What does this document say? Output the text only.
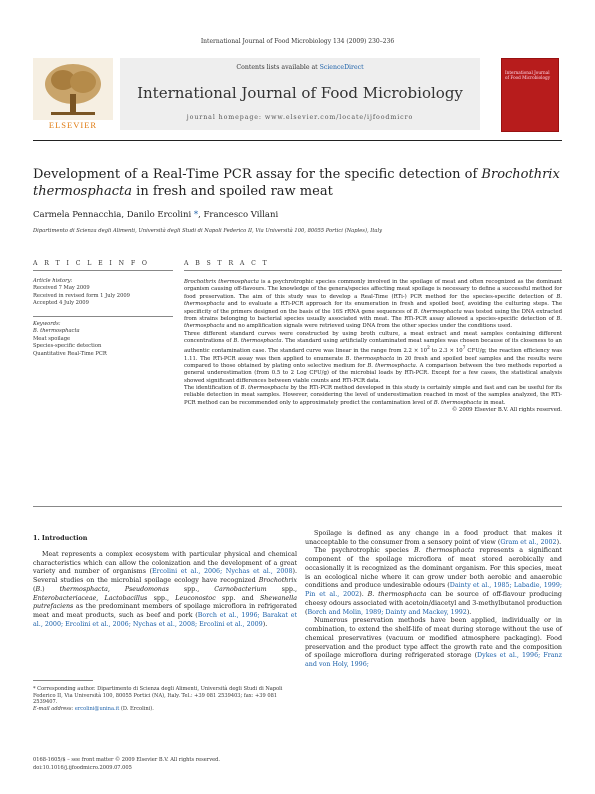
International Journal of Food Microbiology 134 (2009) 230–236
ELSEVIER
Contents lists available at ScienceDirect
International Journal of Food Microbiology
journal homepage: www.elsevier.com/locate/ijfoodmicro
International Journal of Food Microbiology
Development of a Real-Time PCR assay for the specific detection of Brochothrix thermosphacta in fresh and spoiled raw meat
Carmela Pennacchia, Danilo Ercolini *, Francesco Villani
Dipartimento di Scienza degli Alimenti, Università degli Studi di Napoli Federico II, Via Università 100, 80055 Portici (Naples), Italy
A R T I C L E I N F O
Article history:
Received 7 May 2009
Received in revised form 1 July 2009
Accepted 4 July 2009
Keywords:
B. thermosphacta
Meat spoilage
Species-specific detection
Quantitative Real-Time PCR
A B S T R A C T

Brochothrix thermosphacta is a psychrotrophic species commonly involved in the spoilage of meat and often recognized as the dominant organism causing off-flavours. The knowledge of the genera/species affecting meat spoilage is necessary to define a successful method for food preservation. The aim of this study was to develop a Real-Time (RTi-) PCR method for the species-specific detection of B. thermosphacta and to evaluate a RTi-PCR approach for its enumeration in fresh and spoiled beef, avoiding the culturing steps. The specificity of the primers designed on the basis of the 16S rRNA gene sequences of B. thermosphacta was tested using the DNA extracted from strains belonging to bacterial species usually associated with meat. The RTi-PCR assay allowed a species-specific detection of B. thermosphacta and no amplification signals were retrieved using DNA from the other species under the conditions used.

Three different standard curves were constructed by using broth culture, a meat extract and meat samples containing different concentrations of B. thermosphacta. The standard using artificially contaminated meat samples was chosen because of its closeness to an authentic contamination case. The standard curve was linear in the range from $2.2 \times 10^2$ to $2.3 \times 10^7$ CFU/g; the reaction efficiency was 1.11. The RTi-PCR assay was then applied to enumerate B. thermosphacta in 20 fresh and spoiled beef samples and the results were compared to those obtained by plating onto selective medium for B. thermosphacta. A comparison between the two methods reported a general underestimation (from 0.5 to 2 Log CFU/g) of the microbial loads by RTi-PCR. Except for a few cases, the statistical analysis showed significant differences between viable counts and RTi-PCR data.

The identification of B. thermosphacta by the RTi-PCR method developed in this study is certainly simple and fast and can be useful for its reliable detection in meat samples. However, considering the level of underestimation reached in most of the samples analyzed, the RTi-PCR method can be recommended only to approximately predict the contamination level of B. thermosphacta in meat.

© 2009 Elsevier B.V. All rights reserved.

1. Introduction

Meat represents a complex ecosystem with particular physical and chemical characteristics which can allow the colonization and the development of a great variety and number of organisms (Ercolini et al., 2006; Nychas et al., 2008). Several studies on the microbial spoilage ecology have recognized Brochothrix (B.) thermosphacta, Pseudomonas spp., Carnobacterium spp., Enterobacteriaceae, Lactobacillus spp., Leuconostoc spp. and Shewanella putrefaciens as the predominant members of spoilage microflora in refrigerated meat and meat products, such as beef and pork (Borch et al., 1996; Barakat et al., 2000; Ercolini et al., 2006; Nychas et al., 2008; Ercolini et al., 2009).

* Corresponding author. Dipartimento di Scienza degli Alimenti, Università degli Studi di Napoli Federico II, Via Università 100, 80055 Portici (NA), Italy. Tel.: +39 081 2539403; fax: +39 081 2539407.
E-mail address: ercolini@unina.it (D. Ercolini).
0168-1605/$ – see front matter © 2009 Elsevier B.V. All rights reserved.
doi:10.1016/j.ijfoodmicro.2009.07.005

Spoilage is defined as any change in a food product that makes it unacceptable to the consumer from a sensory point of view (Gram et al., 2002).

The psychrotrophic species B. thermosphacta represents a significant component of the spoilage microflora of meat stored aerobically and occasionally it is recognized as the dominant organism. For this species, meat is an ecological niche where it can grow under both aerobic and anaerobic conditions and produce undesirable odours (Dainty et al., 1985; Labadie, 1999; Pin et al., 2002). B. thermosphacta can be source of off-flavour producing cheesy odours associated with acetoin/diacetyl and 3-methylbutanol production (Borch and Molin, 1989; Dainty and Mackey, 1992).

Numerous preservation methods have been applied, individually or in combination, to extend the shelf-life of meat during storage without the use of chemical preservatives (vacuum or modified atmosphere packaging). Food preservation and the product type affect the growth rate and the composition of spoilage microflora during refrigerated storage (Dykes et al., 1996; Franz and von Holy, 1996;
